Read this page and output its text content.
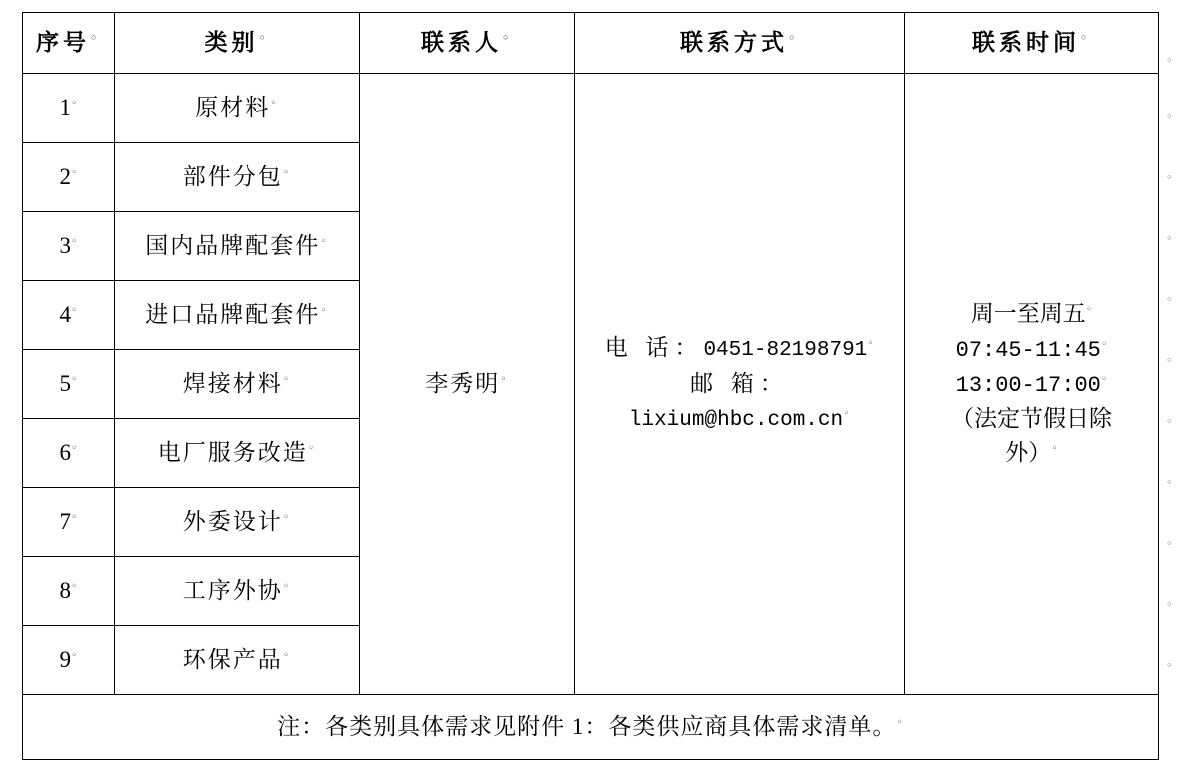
序号◦	类别◦	联系人◦	联系方式◦	联系时间◦
1◦	原材料◦	李秀明◦	电 话：0451-82198791◦
邮 箱：
lixium@hbc.com.cn◦	周一至周五◦
07:45-11:45◦
13:00-17:00◦
（法定节假日除
外）◦

2◦	部件分包◦
3◦	国内品牌配套件◦
4◦	进口品牌配套件◦
5◦	焊接材料◦
6◦	电厂服务改造◦
7◦	外委设计◦
8◦	工序外协◦
9◦	环保产品◦
注：各类别具体需求见附件 1：各类供应商具体需求清单。◦
◦
◦
◦
◦
◦
◦
◦
◦
◦
◦
◦
